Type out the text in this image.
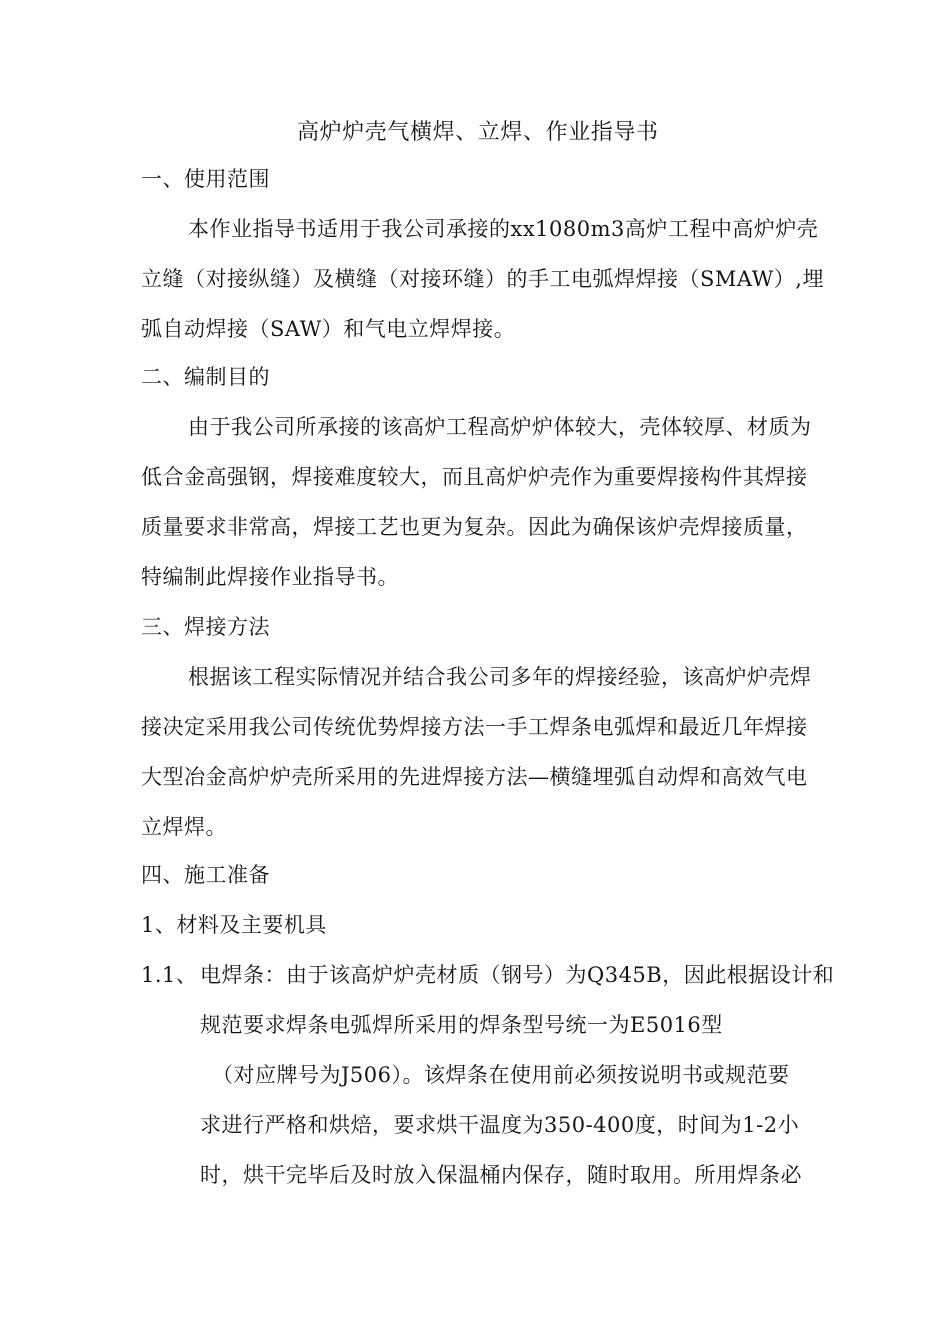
高炉炉壳气横焊、立焊、作业指导书
一、使用范围
本作业指导书适用于我公司承接的xx1080m3高炉工程中高炉炉壳
立缝（对接纵缝）及横缝（对接环缝）的手工电弧焊焊接（SMAW）,埋
弧自动焊接（SAW）和气电立焊焊接。
二、编制目的
由于我公司所承接的该高炉工程高炉炉体较大，壳体较厚、材质为
低合金高强钢，焊接难度较大，而且高炉炉壳作为重要焊接构件其焊接
质量要求非常高，焊接工艺也更为复杂。因此为确保该炉壳焊接质量，
特编制此焊接作业指导书。
三、焊接方法
根据该工程实际情况并结合我公司多年的焊接经验，该高炉炉壳焊
接决定采用我公司传统优势焊接方法一手工焊条电弧焊和最近几年焊接
大型冶金高炉炉壳所采用的先进焊接方法—横缝埋弧自动焊和高效气电
立焊焊。
四、施工准备
1、材料及主要机具
1.1、 电焊条：由于该高炉炉壳材质（钢号）为Q345B，因此根据设计和
规范要求焊条电弧焊所采用的焊条型号统一为E5016型
（对应牌号为J506）。该焊条在使用前必须按说明书或规范要
求进行严格和烘焙，要求烘干温度为350-400度，时间为1-2小
时，烘干完毕后及时放入保温桶内保存，随时取用。所用焊条必
